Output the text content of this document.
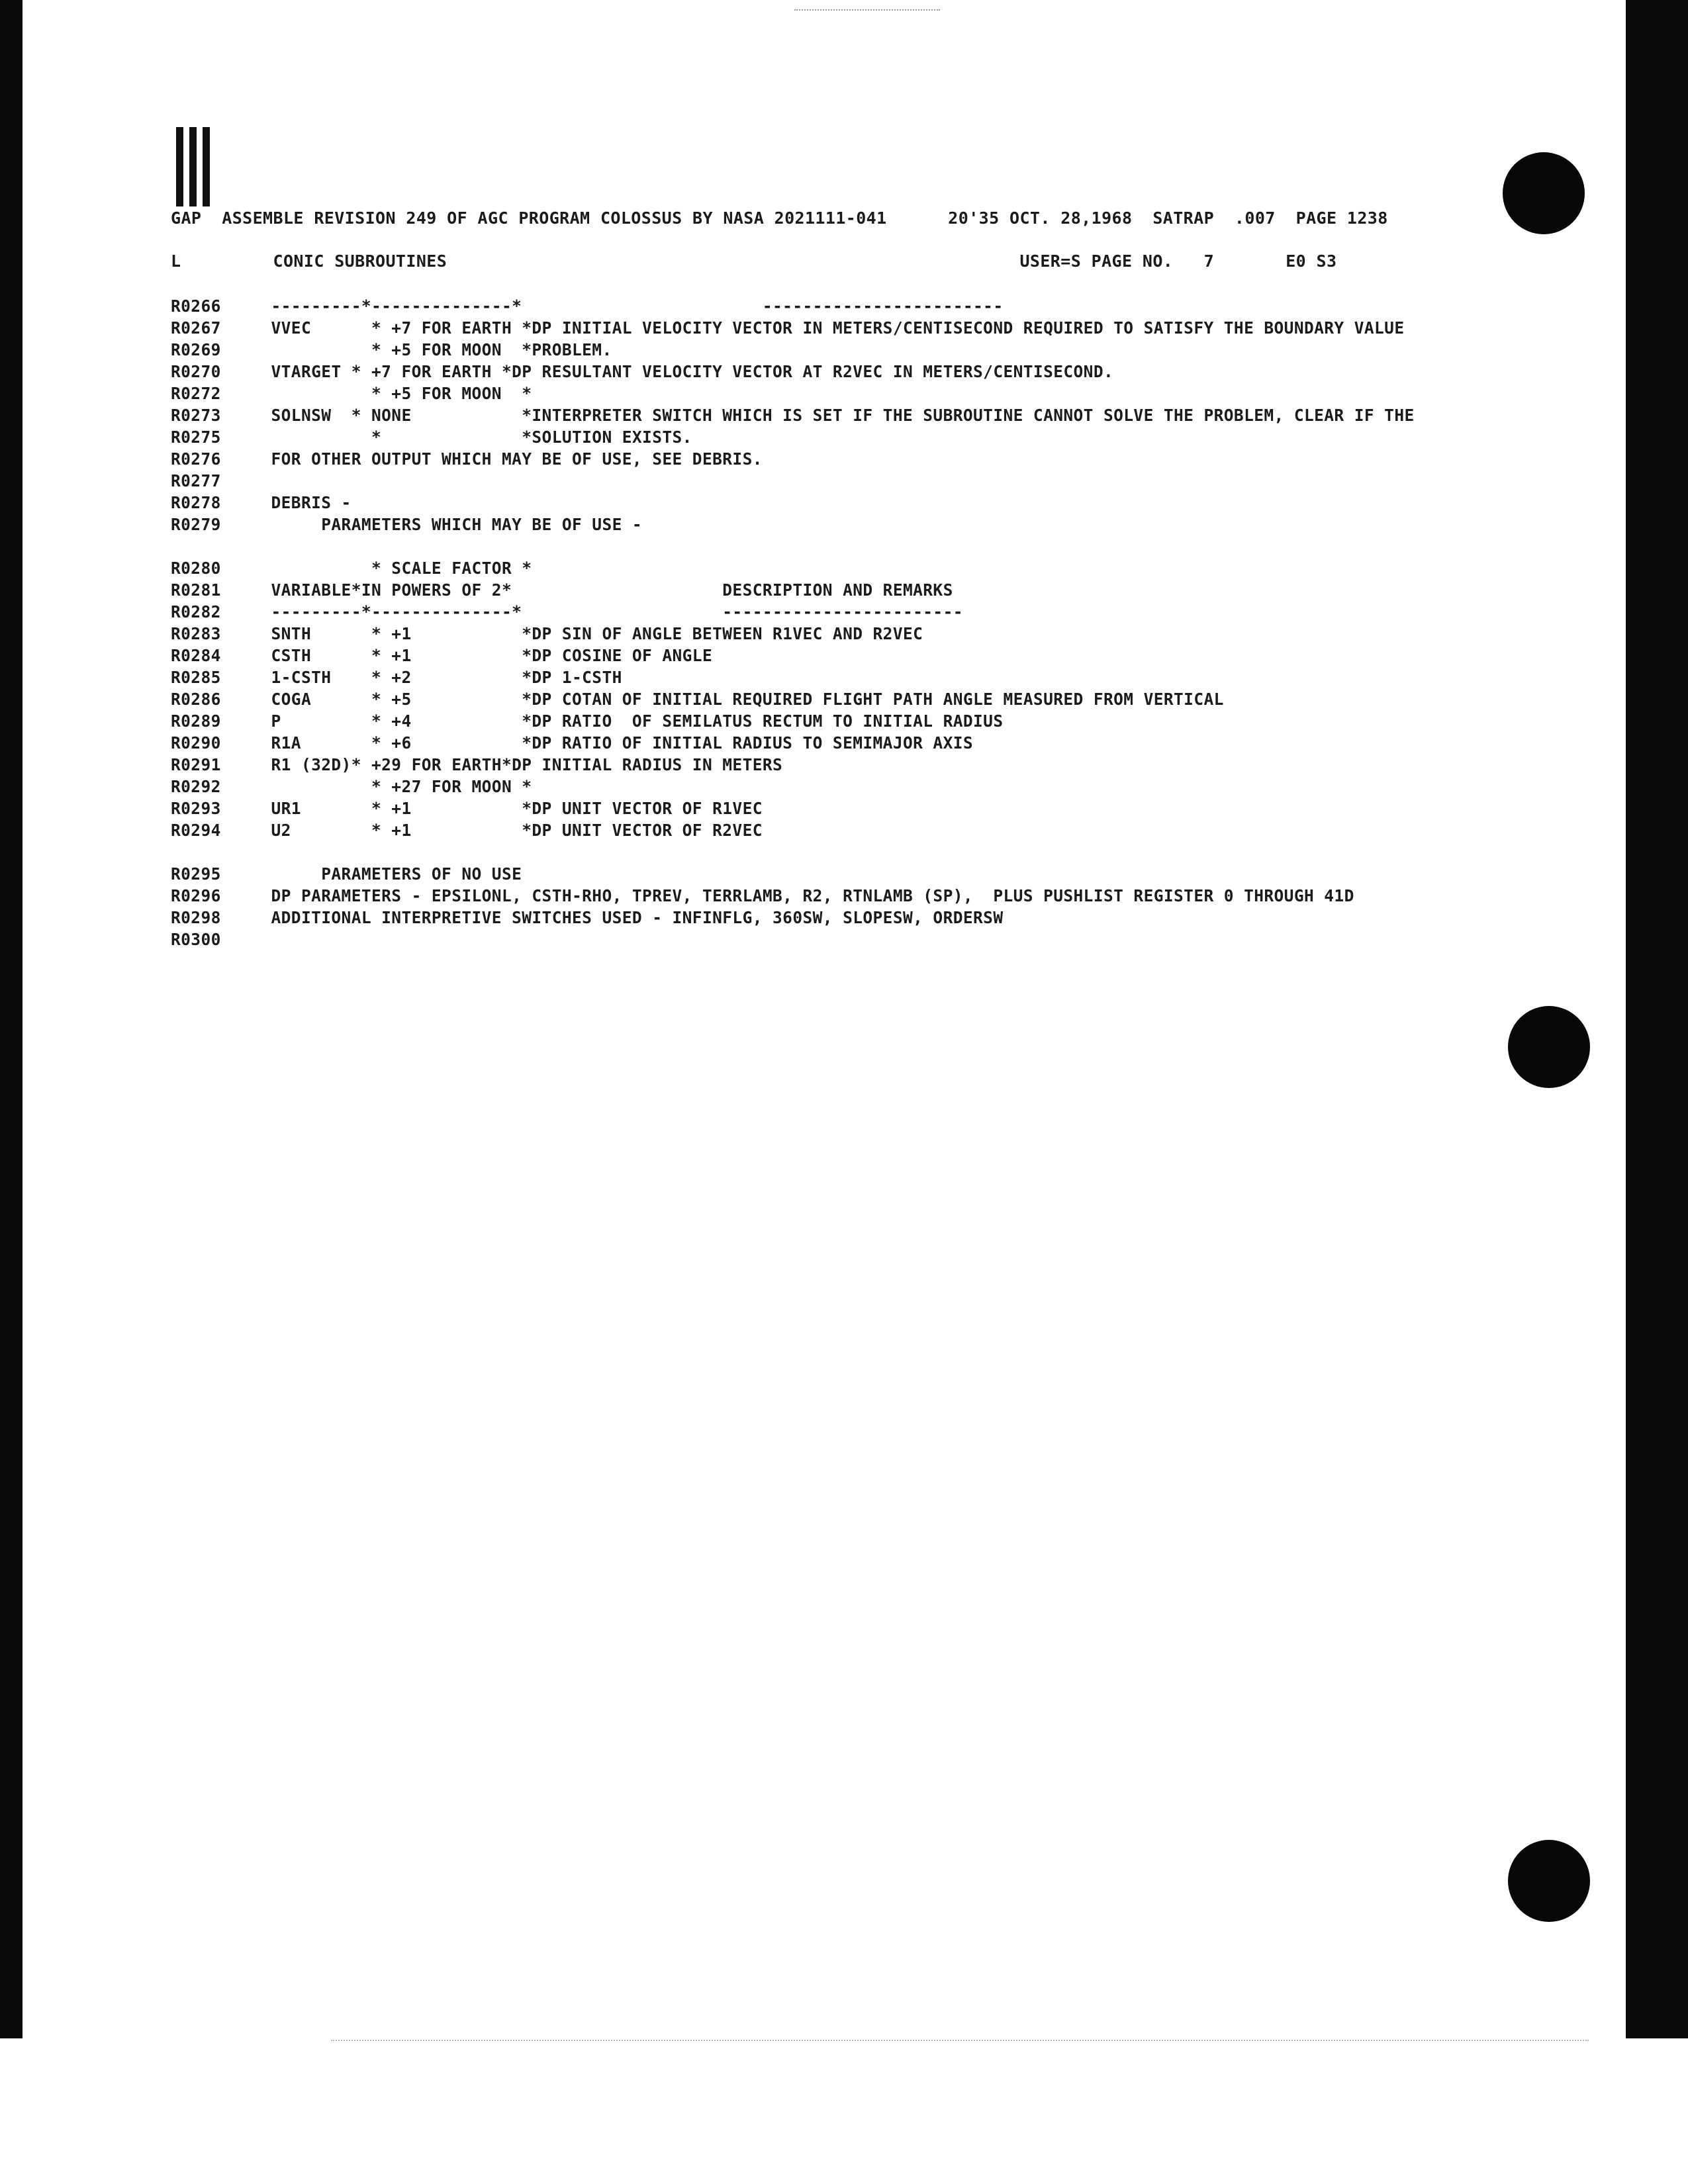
GAP  ASSEMBLE REVISION 249 OF AGC PROGRAM COLOSSUS BY NASA 2021111-041      20'35 OCT. 28,1968  SATRAP  .007  PAGE 1238
L         CONIC SUBROUTINES                                                        USER=S PAGE NO.   7       E0 S3
R0266     ---------*--------------*                        ------------------------
R0267     VVEC      * +7 FOR EARTH *DP INITIAL VELOCITY VECTOR IN METERS/CENTISECOND REQUIRED TO SATISFY THE BOUNDARY VALUE
R0269               * +5 FOR MOON  *PROBLEM.
R0270     VTARGET * +7 FOR EARTH *DP RESULTANT VELOCITY VECTOR AT R2VEC IN METERS/CENTISECOND.
R0272               * +5 FOR MOON  *
R0273     SOLNSW  * NONE           *INTERPRETER SWITCH WHICH IS SET IF THE SUBROUTINE CANNOT SOLVE THE PROBLEM, CLEAR IF THE
R0275               *              *SOLUTION EXISTS.
R0276     FOR OTHER OUTPUT WHICH MAY BE OF USE, SEE DEBRIS.
R0277
R0278     DEBRIS -
R0279          PARAMETERS WHICH MAY BE OF USE -
R0280               * SCALE FACTOR *
R0281     VARIABLE*IN POWERS OF 2*                     DESCRIPTION AND REMARKS
R0282     ---------*--------------*                    ------------------------
R0283     SNTH      * +1           *DP SIN OF ANGLE BETWEEN R1VEC AND R2VEC
R0284     CSTH      * +1           *DP COSINE OF ANGLE
R0285     1-CSTH    * +2           *DP 1-CSTH
R0286     COGA      * +5           *DP COTAN OF INITIAL REQUIRED FLIGHT PATH ANGLE MEASURED FROM VERTICAL
R0289     P         * +4           *DP RATIO  OF SEMILATUS RECTUM TO INITIAL RADIUS
R0290     R1A       * +6           *DP RATIO OF INITIAL RADIUS TO SEMIMAJOR AXIS
R0291     R1 (32D)* +29 FOR EARTH*DP INITIAL RADIUS IN METERS
R0292               * +27 FOR MOON *
R0293     UR1       * +1           *DP UNIT VECTOR OF R1VEC
R0294     U2        * +1           *DP UNIT VECTOR OF R2VEC
R0295          PARAMETERS OF NO USE
R0296     DP PARAMETERS - EPSILONL, CSTH-RHO, TPREV, TERRLAMB, R2, RTNLAMB (SP),  PLUS PUSHLIST REGISTER 0 THROUGH 41D
R0298     ADDITIONAL INTERPRETIVE SWITCHES USED - INFINFLG, 360SW, SLOPESW, ORDERSW
R0300
